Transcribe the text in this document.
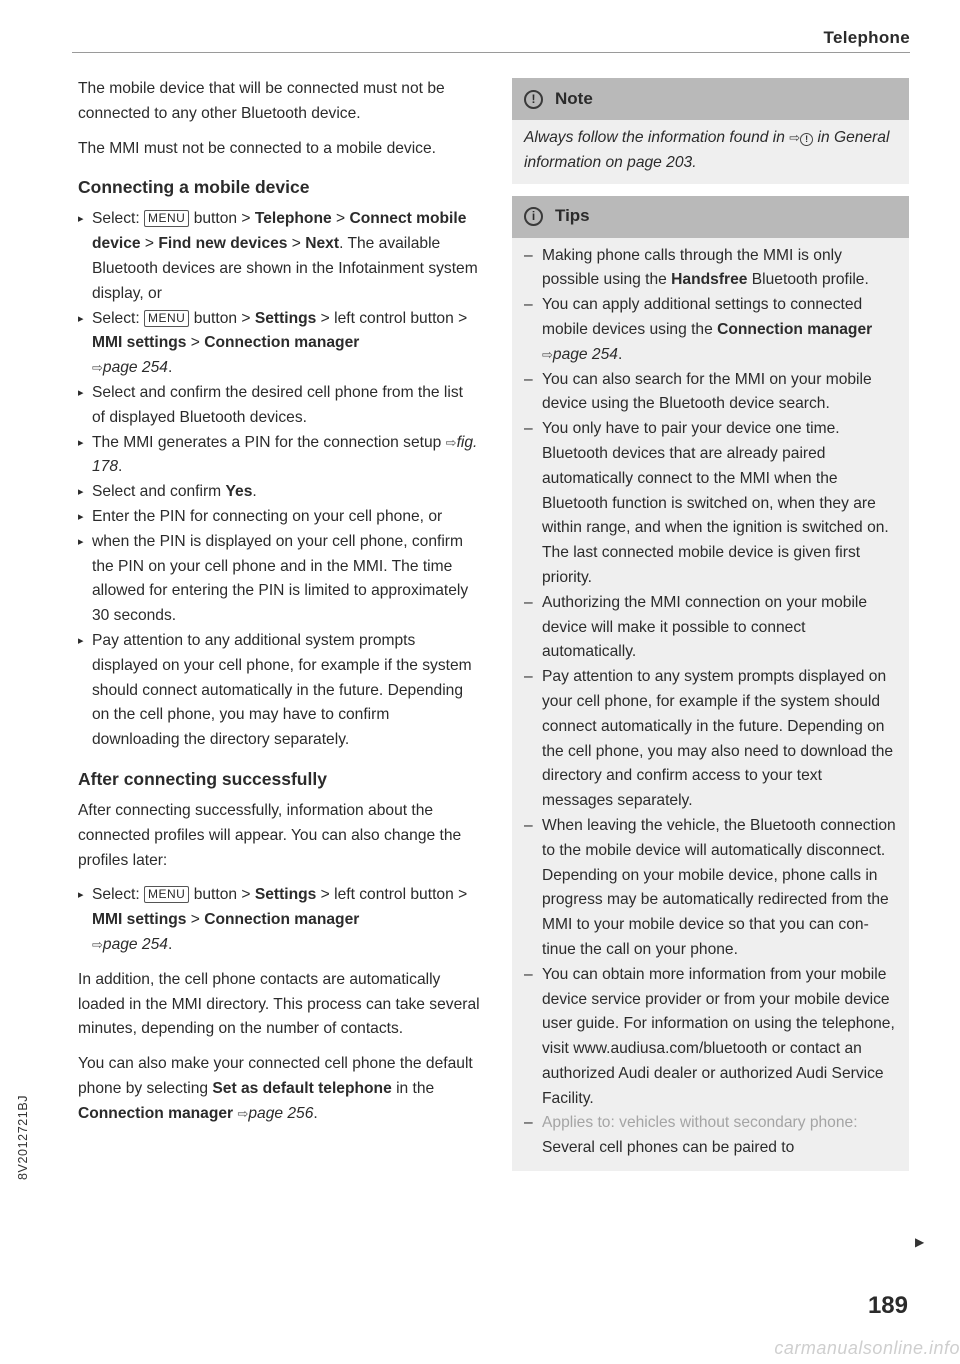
Telephone

The mobile device that will be connected must not be connected to any other Bluetooth device.

The MMI must not be connected to a mobile device.

Connecting a mobile device
▸ Select: MENU button > Telephone > Connect mobile device > Find new devices > Next. The available Bluetooth devices are shown in the Infotainment system display, or
▸ Select: MENU button > Settings > left control button > MMI settings > Connection manager
⇨page 254.
▸ Select and confirm the desired cell phone from the list of displayed Bluetooth devices.
▸ The MMI generates a PIN for the connection setup ⇨fig. 178.
▸ Select and confirm Yes.
▸ Enter the PIN for connecting on your cell phone, or
▸ when the PIN is displayed on your cell phone, confirm the PIN on your cell phone and in the MMI. The time allowed for entering the PIN is limited to approximately 30 seconds.
▸ Pay attention to any additional system prompts displayed on your cell phone, for example if the system should connect automatically in the future. Depending on the cell phone, you may have to confirm downloading the directory separately.
After connecting successfully

After connecting successfully, information about the connected profiles will appear. You can also change the profiles later:

▸ Select: MENU button > Settings > left control button > MMI settings > Connection manager
⇨page 254.

In addition, the cell phone contacts are automatically loaded in the MMI directory. This process can take several minutes, depending on the number of contacts.

You can also make your connected cell phone the default phone by selecting Set as default telephone in the Connection manager ⇨page 256.

!	Note
Always follow the information found in ⇨ ! in General information on page 203.
i	Tips
– Making phone calls through the MMI is only possible using the Handsfree Bluetooth profile.
– You can apply additional settings to connected mobile devices using the Connection manager ⇨page 254.
– You can also search for the MMI on your mobile device using the Bluetooth device search.
– You only have to pair your device one time. Bluetooth devices that are already paired automatically connect to the MMI when the Bluetooth function is switched on, when they are within range, and when the ignition is switched on. The last connected mobile device is given first priority.
– Authorizing the MMI connection on your mobile device will make it possible to connect automatically.
– Pay attention to any system prompts displayed on your cell phone, for example if the system should connect automatically in the future. Depending on the cell phone, you may also need to download the directory and confirm access to your text messages separately.
– When leaving the vehicle, the Bluetooth connection to the mobile device will automatically disconnect. Depending on your mobile device, phone calls in progress may be automatically redirected from the MMI to your mobile device so that you can continue the call on your phone.
– You can obtain more information from your mobile device service provider or from your mobile device user guide. For information on using the telephone, visit www.audiusa.com/bluetooth or contact an authorized Audi dealer or authorized Audi Service Facility.
– Applies to: vehicles without secondary phone: Several cell phones can be paired to
▶
189
8V2012721BJ
carmanualsonline.info
